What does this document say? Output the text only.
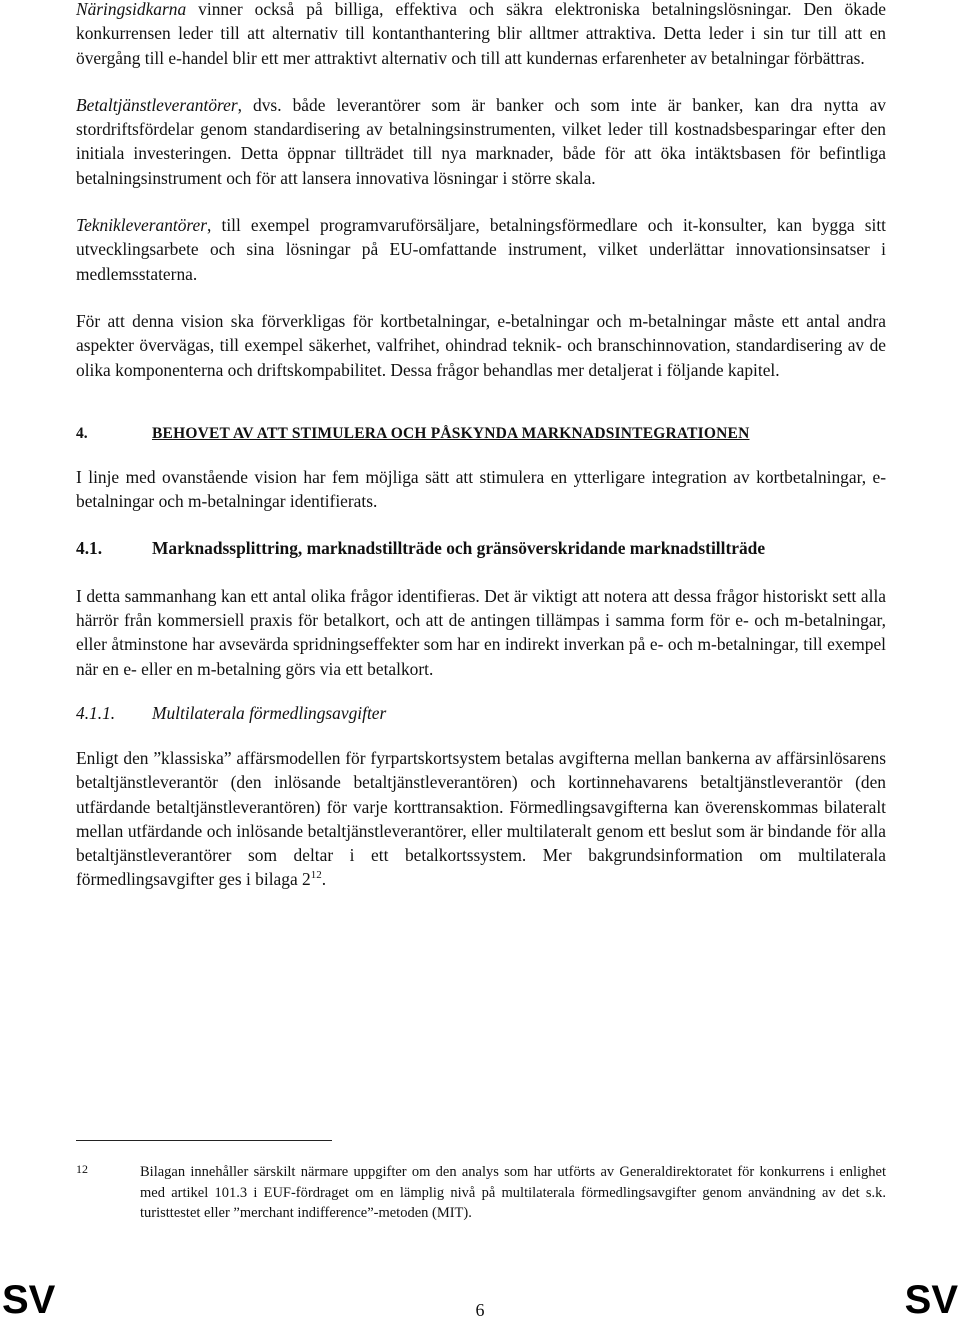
Näringsidkarna vinner också på billiga, effektiva och säkra elektroniska betalningslösningar. Den ökade konkurrensen leder till att alternativ till kontanthantering blir alltmer attraktiva. Detta leder i sin tur till att en övergång till e-handel blir ett mer attraktivt alternativ och till att kundernas erfarenheter av betalningar förbättras.

Betaltjänstleverantörer, dvs. både leverantörer som är banker och som inte är banker, kan dra nytta av stordriftsfördelar genom standardisering av betalningsinstrumenten, vilket leder till kostnadsbesparingar efter den initiala investeringen. Detta öppnar tillträdet till nya marknader, både för att öka intäktsbasen för befintliga betalningsinstrument och för att lansera innovativa lösningar i större skala.

Teknikleverantörer, till exempel programvaruförsäljare, betalningsförmedlare och it-konsulter, kan bygga sitt utvecklingsarbete och sina lösningar på EU-omfattande instrument, vilket underlättar innovationsinsatser i medlemsstaterna.

För att denna vision ska förverkligas för kortbetalningar, e-betalningar och m-betalningar måste ett antal andra aspekter övervägas, till exempel säkerhet, valfrihet, ohindrad teknik- och branschinnovation, standardisering av de olika komponenterna och driftskompabilitet. Dessa frågor behandlas mer detaljerat i följande kapitel.

4.	BEHOVET AV ATT STIMULERA OCH PÅSKYNDA MARKNADSINTEGRATIONEN

I linje med ovanstående vision har fem möjliga sätt att stimulera en ytterligare integration av kortbetalningar, e-betalningar och m-betalningar identifierats.

4.1.	Marknadssplittring, marknadstillträde och gränsöverskridande marknadstillträde

I detta sammanhang kan ett antal olika frågor identifieras. Det är viktigt att notera att dessa frågor historiskt sett alla härrör från kommersiell praxis för betalkort, och att de antingen tillämpas i samma form för e- och m-betalningar, eller åtminstone har avsevärda spridningseffekter som har en indirekt inverkan på e- och m-betalningar, till exempel när en e- eller en m-betalning görs via ett betalkort.

4.1.1.	Multilaterala förmedlingsavgifter

Enligt den ”klassiska” affärsmodellen för fyrpartskortsystem betalas avgifterna mellan bankerna av affärsinlösarens betaltjänstleverantör (den inlösande betaltjänstleverantören) och kortinnehavarens betaltjänstleverantör (den utfärdande betaltjänstleverantören) för varje korttransaktion. Förmedlingsavgifterna kan överenskommas bilateralt mellan utfärdande och inlösande betaltjänstleverantörer, eller multilateralt genom ett beslut som är bindande för alla betaltjänstleverantörer som deltar i ett betalkortssystem. Mer bakgrundsinformation om multilaterala förmedlingsavgifter ges i bilaga $2^{12}$.

12	Bilagan innehåller särskilt närmare uppgifter om den analys som har utförts av Generaldirektoratet för konkurrens i enlighet med artikel 101.3 i EUF-fördraget om en lämplig nivå på multilaterala förmedlingsavgifter genom användning av det s.k. turisttestet eller ”merchant indifference”-metoden (MIT).
SV	6	SV
